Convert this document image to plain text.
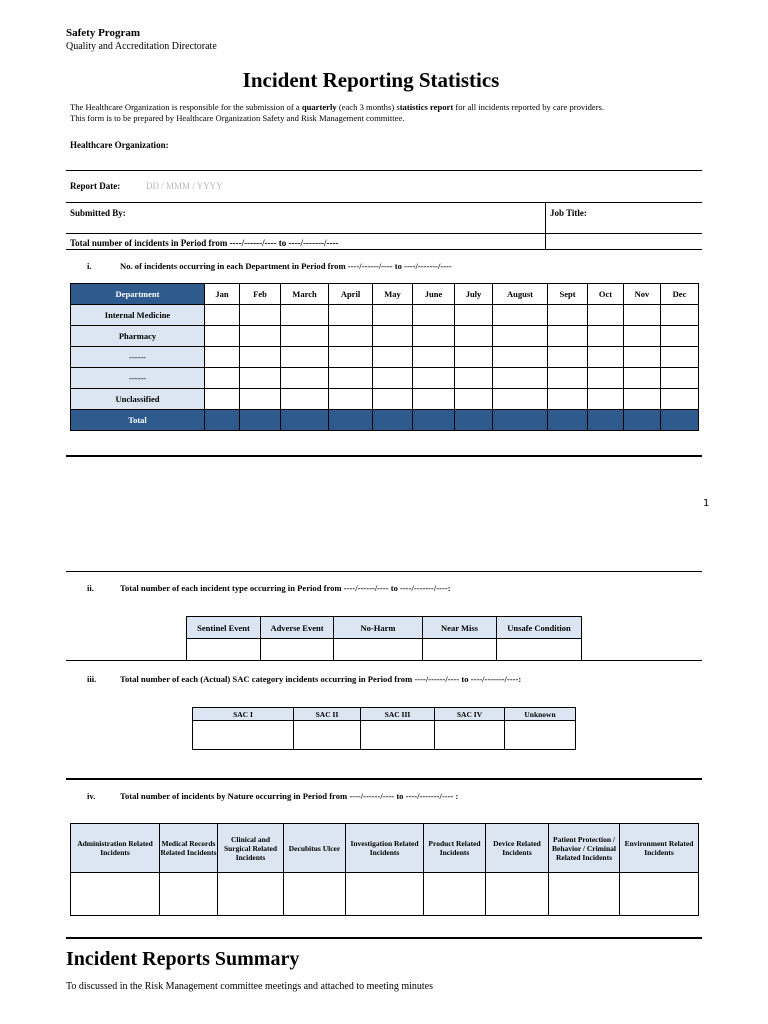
Safety Program
Quality and Accreditation Directorate
Incident Reporting Statistics
The Healthcare Organization is responsible for the submission of a quarterly (each 3 months) statistics report for all incidents reported by care providers.
This form is to be prepared by Healthcare Organization Safety and Risk Management committee.
Healthcare Organization:
Report Date:	DD / MMM / YYYY
Submitted By:	Job Title:
Total number of incidents in Period from ----/------/---- to ----/-------/----
i.	No. of incidents occurring in each Department in Period from ----/------/---- to ----/-------/----
Department	Jan	Feb	March	April	May	June	July	August	Sept	Oct	Nov	Dec
Internal Medicine												
Pharmacy												
------												
------												
Unclassified												
Total												
1
ii.	Total number of each incident type occurring in Period from ----/------/---- to ----/-------/----:
Sentinel Event	Adverse Event	No-Harm	Near Miss	Unsafe Condition

iii.	Total number of each (Actual) SAC category incidents occurring in Period from ----/------/---- to ----/-------/----:
SAC I	SAC II	SAC III	SAC IV	Unknown

iv.	Total number of incidents by Nature occurring in Period from ----/------/---- to ----/-------/---- :
Administration Related Incidents	Medical Records Related Incidents	Clinical and Surgical Related Incidents	Decubitus Ulcer	Investigation Related Incidents	Product Related Incidents	Device Related Incidents	Patient Protection / Behavior / Criminal Related Incidents	Environment Related Incidents

Incident Reports Summary
To discussed in the Risk Management committee meetings and attached to meeting minutes
